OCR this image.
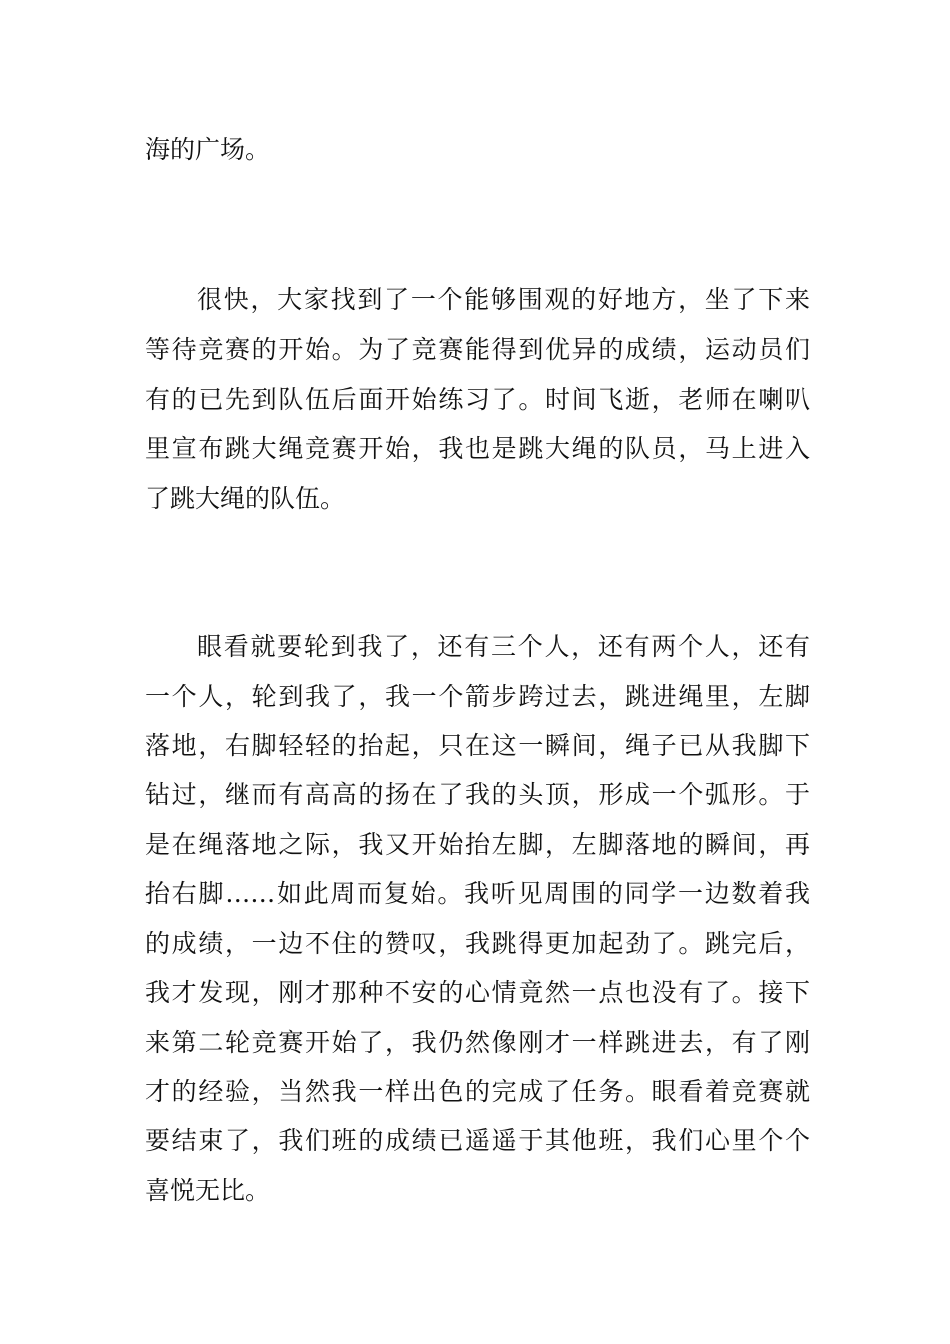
海的广场。
很快，大家找到了一个能够围观的好地方，坐了下来
等待竞赛的开始。为了竞赛能得到优异的成绩，运动员们
有的已先到队伍后面开始练习了。时间飞逝，老师在喇叭
里宣布跳大绳竞赛开始，我也是跳大绳的队员，马上进入
了跳大绳的队伍。
眼看就要轮到我了，还有三个人，还有两个人，还有
一个人，轮到我了，我一个箭步跨过去，跳进绳里，左脚
落地，右脚轻轻的抬起，只在这一瞬间，绳子已从我脚下
钻过，继而有高高的扬在了我的头顶，形成一个弧形。于
是在绳落地之际，我又开始抬左脚，左脚落地的瞬间，再
抬右脚……如此周而复始。我听见周围的同学一边数着我
的成绩，一边不住的赞叹，我跳得更加起劲了。跳完后，
我才发现，刚才那种不安的心情竟然一点也没有了。接下
来第二轮竞赛开始了，我仍然像刚才一样跳进去，有了刚
才的经验，当然我一样出色的完成了任务。眼看着竞赛就
要结束了，我们班的成绩已遥遥于其他班，我们心里个个
喜悦无比。
